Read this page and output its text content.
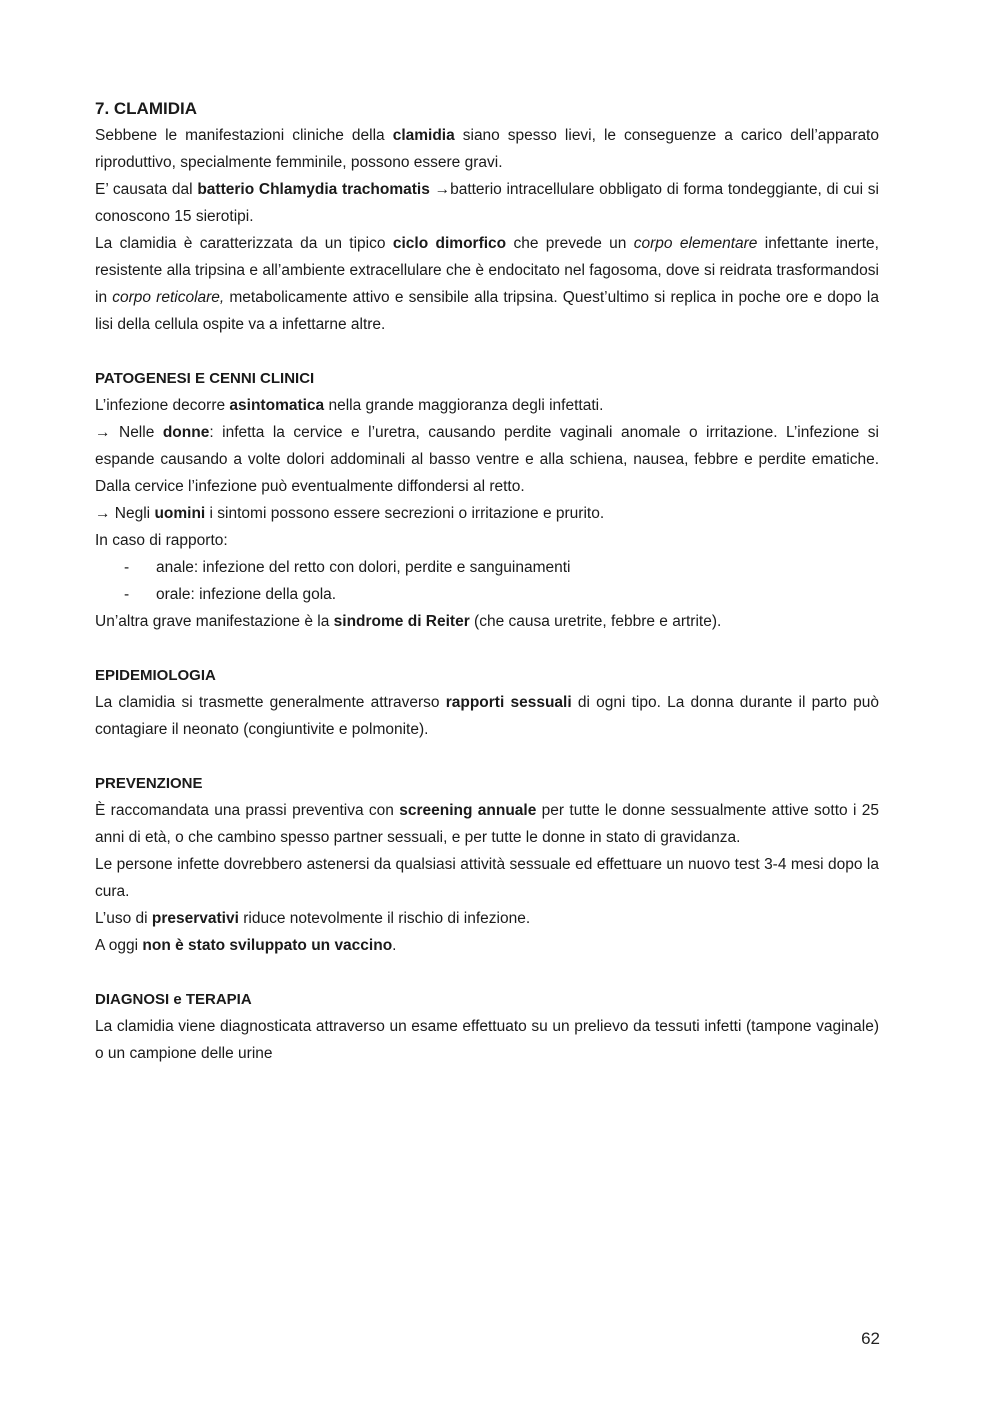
7. CLAMIDIA

Sebbene le manifestazioni cliniche della clamidia siano spesso lievi, le conseguenze a carico dell’apparato riproduttivo, specialmente femminile, possono essere gravi.

E’ causata dal batterio Chlamydia trachomatis →batterio intracellulare obbligato di forma tondeggiante, di cui si conoscono 15 sierotipi.

La clamidia è caratterizzata da un tipico ciclo dimorfico che prevede un corpo elementare infettante inerte, resistente alla tripsina e all’ambiente extracellulare che è endocitato nel fagosoma, dove si reidrata trasformandosi in corpo reticolare, metabolicamente attivo e sensibile alla tripsina. Quest’ultimo si replica in poche ore e dopo la lisi della cellula ospite va a infettarne altre.

PATOGENESI E CENNI CLINICI

L’infezione decorre asintomatica nella grande maggioranza degli infettati.

→ Nelle donne: infetta la cervice e l’uretra, causando perdite vaginali anomale o irritazione. L’infezione si espande causando a volte dolori addominali al basso ventre e alla schiena, nausea, febbre e perdite ematiche. Dalla cervice l’infezione può eventualmente diffondersi al retto.

→ Negli uomini i sintomi possono essere secrezioni o irritazione e prurito.

In caso di rapporto:

- anale: infezione del retto con dolori, perdite e sanguinamenti
- orale: infezione della gola.

Un’altra grave manifestazione è la sindrome di Reiter (che causa uretrite, febbre e artrite).

EPIDEMIOLOGIA

La clamidia si trasmette generalmente attraverso rapporti sessuali di ogni tipo. La donna durante il parto può contagiare il neonato (congiuntivite e polmonite).

PREVENZIONE

È raccomandata una prassi preventiva con screening annuale per tutte le donne sessualmente attive sotto i 25 anni di età, o che cambino spesso partner sessuali, e per tutte le donne in stato di gravidanza.

Le persone infette dovrebbero astenersi da qualsiasi attività sessuale ed effettuare un nuovo test 3-4 mesi dopo la cura.

L’uso di preservativi riduce notevolmente il rischio di infezione.

A oggi non è stato sviluppato un vaccino.

DIAGNOSI e TERAPIA

La clamidia viene diagnosticata attraverso un esame effettuato su un prelievo da tessuti infetti (tampone vaginale) o un campione delle urine

62
